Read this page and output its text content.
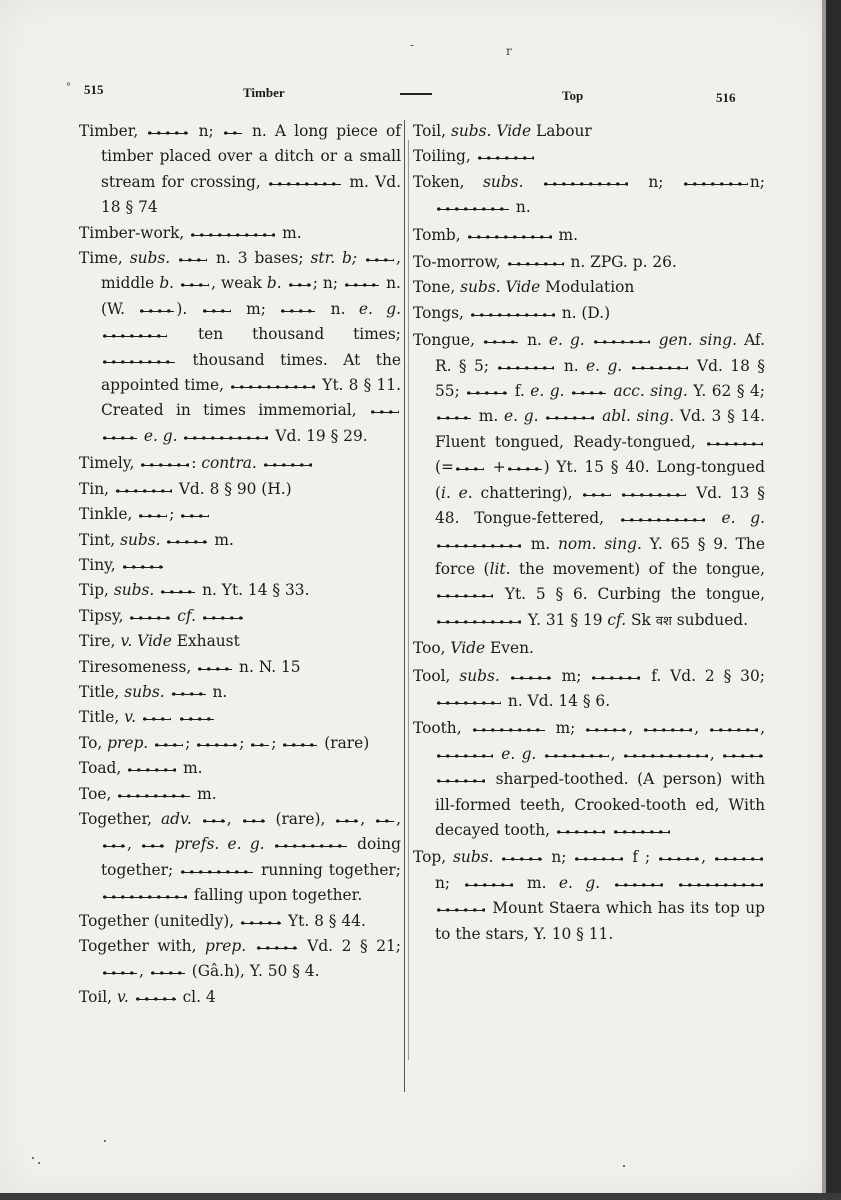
°
-	r
515	Timber	Top	516

Timber,	n; n. A long piece of timber placed over a ditch or a small stream for crossing,	m. Vd. 18 § 74

Timber-work,	m.

Time, subs.	n. 3 bases; str. b;	, middle b. , weak b. ; n;	n. (W.	).	m;	n. e. g.  ten thousand times;  thousand times. At the appointed time,	Yt. 8 § 11. Created in times immemorial,   e. g.	Vd. 19 § 29.

Timely,	: contra.

Tin,	Vd. 8 § 90 (H.)

Tinkle, ;

Tint, subs.	m.

Tiny,

Tip, subs.	n. Yt. 14 § 33.

Tipsy,	cf.

Tire, v. Vide Exhaust

Tiresomeness,	n. N. 15

Title, subs.	n.

Title, v.

To, prep. ;	; ;	(rare)

Toad,	m.

Toe,	m.

Together, adv. ,  (rare), , , ,  prefs. e. g.	doing together;	running together;  falling upon together.

Together (unitedly),	Yt. 8 § 44.

Together with, prep.	Vd. 2 § 21; ,	(Gâ.h), Y. 50 § 4.

Toil, v.	cl. 4

Toil, subs. Vide Labour

Toiling,

Token, subs.	n;	n;  n.

Tomb,	m.

To-morrow,	n. ZPG. p. 26.

Tone, subs. Vide Modulation

Tongs,	n. (D.)

Tongue,	n. e. g.	gen. sing. Af. R. § 5;	n. e. g.	Vd. 18 § 55;	f. e. g.	acc. sing. Y. 62 § 4;  m. e. g.	abl. sing. Vd. 3 § 14. Fluent tongued, Ready-tongued,  (=	+ ) Yt. 15 § 40. Long-tongued (i. e. chattering),	Vd. 13 § 48. Tongue-fettered,	e. g.  m. nom. sing. Y. 65 § 9. The force (lit. the movement) of the tongue,  Yt. 5 § 6. Curbing the tongue,  Y. 31 § 19 cf. Sk वश subdued.

Too, Vide Even.

Tool, subs.	m;	f. Vd. 2 § 30;  n. Vd. 14 § 6.

Tooth,	m;	,	,	,  e. g.	,	,   sharped-toothed. (A person) with ill-formed teeth, Crooked-tooth ed, With decayed tooth,

Top, subs.	n;	f ;	,  n;	m. e. g.    Mount Staera which has its top up to the stars, Y. 10 § 11.
